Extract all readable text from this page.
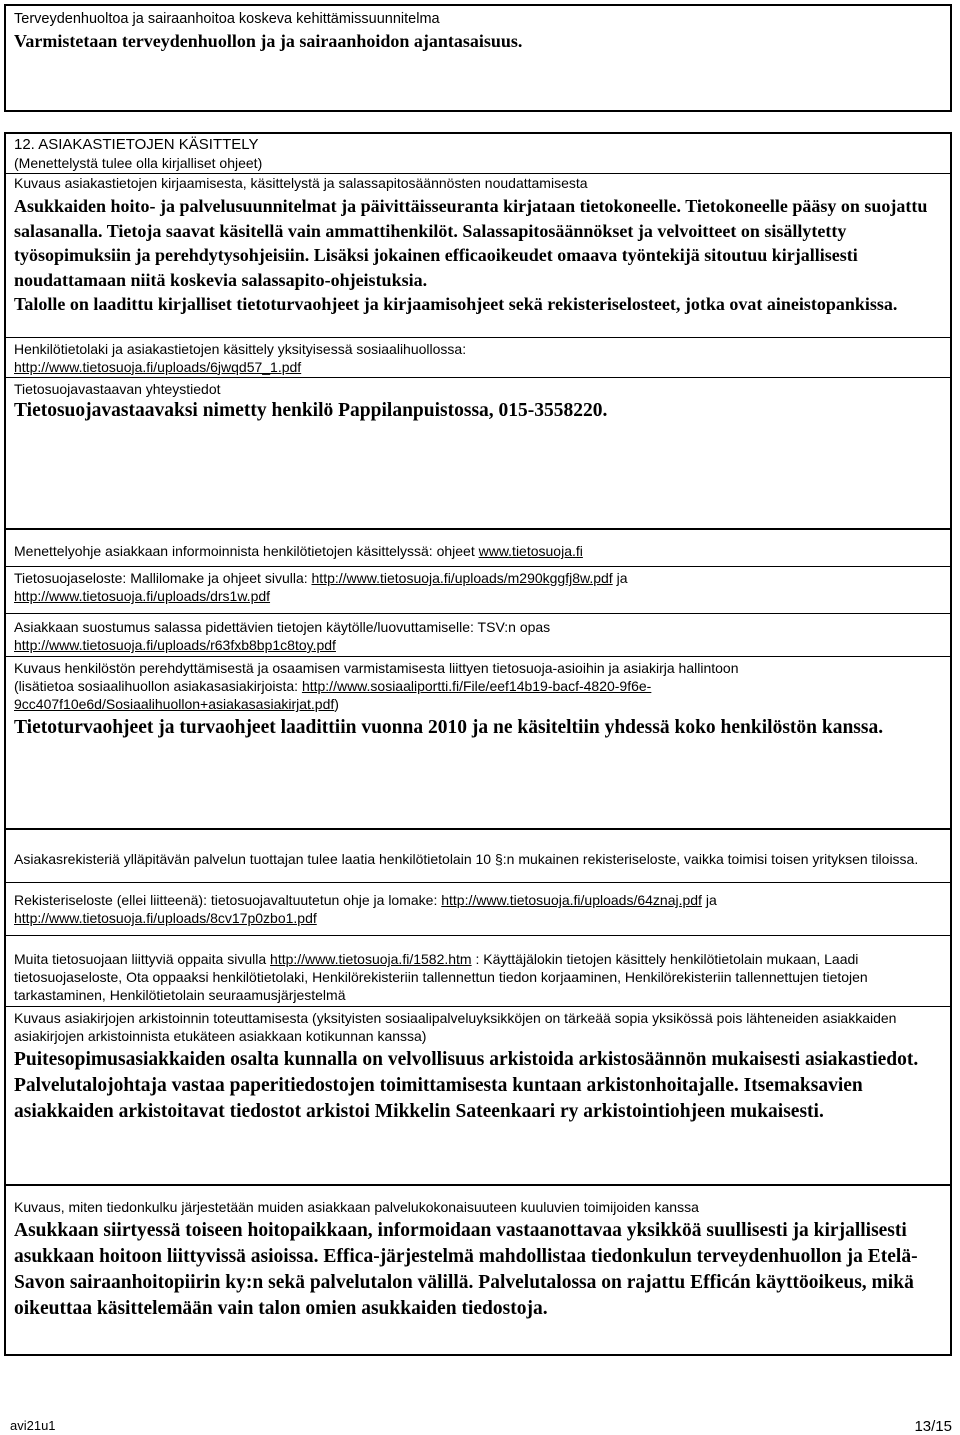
Terveydenhuoltoa ja sairaanhoitoa koskeva kehittämissuunnitelma

Varmistetaan terveydenhuollon ja ja sairaanhoidon ajantasaisuus.

12. ASIAKASTIETOJEN KÄSITTELY

(Menettelystä tulee olla kirjalliset ohjeet)

Kuvaus asiakastietojen kirjaamisesta, käsittelystä ja salassapitosäännösten noudattamisesta

Asukkaiden hoito- ja palvelusuunnitelmat ja päivittäisseuranta kirjataan tietokoneelle. Tietokoneelle pääsy on suojattu salasanalla. Tietoja saavat käsitellä vain ammattihenkilöt. Salassapitosäännökset ja velvoitteet on sisällytetty työsopimuksiin ja perehdytysohjeisiin. Lisäksi jokainen efficaoikeudet omaava työntekijä sitoutuu kirjallisesti noudattamaan niitä koskevia salassapito-ohjeistuksia.

Talolle on laadittu kirjalliset tietoturvaohjeet ja kirjaamisohjeet sekä rekisteriselosteet, jotka ovat aineistopankissa.

Henkilötietolaki ja asiakastietojen käsittely yksityisessä sosiaalihuollossa:

http://www.tietosuoja.fi/uploads/6jwqd57_1.pdf

Tietosuojavastaavan yhteystiedot

Tietosuojavastaavaksi nimetty henkilö Pappilanpuistossa, 015-3558220.

Menettelyohje asiakkaan informoinnista henkilötietojen käsittelyssä: ohjeet www.tietosuoja.fi

Tietosuojaseloste: Mallilomake ja ohjeet sivulla: http://www.tietosuoja.fi/uploads/m290kggfj8w.pdf ja
http://www.tietosuoja.fi/uploads/drs1w.pdf

Asiakkaan suostumus salassa pidettävien tietojen käytölle/luovuttamiselle: TSV:n opas

http://www.tietosuoja.fi/uploads/r63fxb8bp1c8toy.pdf

Kuvaus henkilöstön perehdyttämisestä ja osaamisen varmistamisesta liittyen tietosuoja-asioihin ja asiakirja hallintoon

(lisätietoa sosiaalihuollon asiakasasiakirjoista: http://www.sosiaaliportti.fi/File/eef14b19-bacf-4820-9f6e-
9cc407f10e6d/Sosiaalihuollon+asiakasasiakirjat.pdf)

Tietoturvaohjeet ja turvaohjeet laadittiin vuonna 2010 ja ne käsiteltiin yhdessä koko henkilöstön kanssa.

Asiakasrekisteriä ylläpitävän palvelun tuottajan tulee laatia henkilötietolain 10 §:n mukainen rekisteriseloste, vaikka toimisi toisen yrityksen tiloissa.

Rekisteriseloste (ellei liitteenä): tietosuojavaltuutetun ohje ja lomake: http://www.tietosuoja.fi/uploads/64znaj.pdf ja
http://www.tietosuoja.fi/uploads/8cv17p0zbo1.pdf

Muita tietosuojaan liittyviä oppaita sivulla http://www.tietosuoja.fi/1582.htm : Käyttäjälokin tietojen käsittely henkilötietolain mukaan, Laadi tietosuojaseloste, Ota oppaaksi henkilötietolaki, Henkilörekisteriin tallennettun tiedon korjaaminen, Henkilörekisteriin tallennettujen tietojen tarkastaminen, Henkilötietolain seuraamusjärjestelmä

Kuvaus asiakirjojen arkistoinnin toteuttamisesta (yksityisten sosiaalipalveluyksikköjen on tärkeää sopia yksikössä pois lähteneiden asiakkaiden asiakirjojen arkistoinnista etukäteen asiakkaan kotikunnan kanssa)

Puitesopimusasiakkaiden osalta kunnalla on velvollisuus arkistoida arkistosäännön mukaisesti asiakastiedot. Palvelutalojohtaja vastaa paperitiedostojen toimittamisesta kuntaan arkistonhoitajalle. Itsemaksavien asiakkaiden arkistoitavat tiedostot arkistoi Mikkelin Sateenkaari ry arkistointiohjeen mukaisesti.

Kuvaus, miten tiedonkulku järjestetään muiden asiakkaan palvelukokonaisuuteen kuuluvien toimijoiden kanssa

Asukkaan siirtyessä toiseen hoitopaikkaan, informoidaan vastaanottavaa yksikköä suullisesti ja kirjallisesti asukkaan hoitoon liittyvissä asioissa. Effica-järjestelmä mahdollistaa tiedonkulun terveydenhuollon ja Etelä-Savon sairaanhoitopiirin ky:n sekä palvelutalon välillä. Palvelutalossa on rajattu Efficán käyttöoikeus, mikä oikeuttaa käsittelemään vain talon omien asukkaiden tiedostoja.

avi21u1	13/15
